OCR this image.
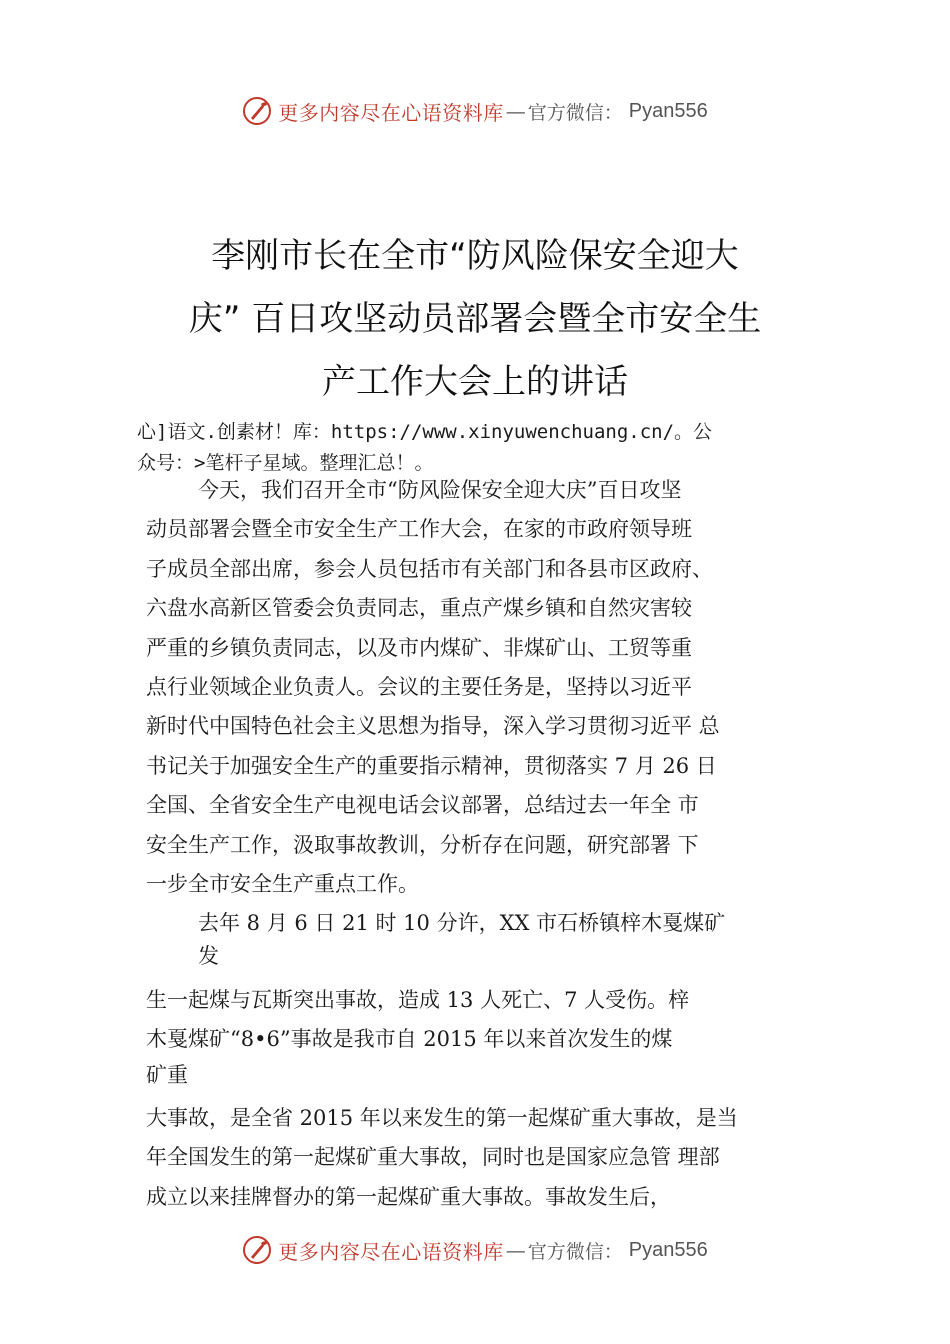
更多内容尽在心语资料库 — 官方微信： Pyan556
李刚市长在全市“防风险保安全迎大
庆” 百日攻坚动员部署会暨全市安全生
产工作大会上的讲话
心]语文.创素材！库：https://www.xinyuwenchuang.cn/。公
众号：>笔杆子星域。整理汇总！。
今天，我们召开全市“防风险保安全迎大庆”百日攻坚
动员部署会暨全市安全生产工作大会，在家的市政府领导班
子成员全部出席，参会人员包括市有关部门和各县市区政府、
六盘水高新区管委会负责同志，重点产煤乡镇和自然灾害较
严重的乡镇负责同志，以及市内煤矿、非煤矿山、工贸等重
点行业领域企业负责人。会议的主要任务是，坚持以习近平
新时代中国特色社会主义思想为指导，深入学习贯彻习近平 总
书记关于加强安全生产的重要指示精神，贯彻落实 7 月 26 日
全国、全省安全生产电视电话会议部署，总结过去一年全 市
安全生产工作，汲取事故教训，分析存在问题，研究部署 下
一步全市安全生产重点工作。
去年 8 月 6 日 21 时 10 分许，XX 市石桥镇梓木戛煤矿
发
生一起煤与瓦斯突出事故，造成 13 人死亡、7 人受伤。梓
木戛煤矿“8•6”事故是我市自 2015 年以来首次发生的煤
矿重
大事故，是全省 2015 年以来发生的第一起煤矿重大事故，是当
年全国发生的第一起煤矿重大事故，同时也是国家应急管 理部
成立以来挂牌督办的第一起煤矿重大事故。事故发生后，
更多内容尽在心语资料库 — 官方微信： Pyan556
